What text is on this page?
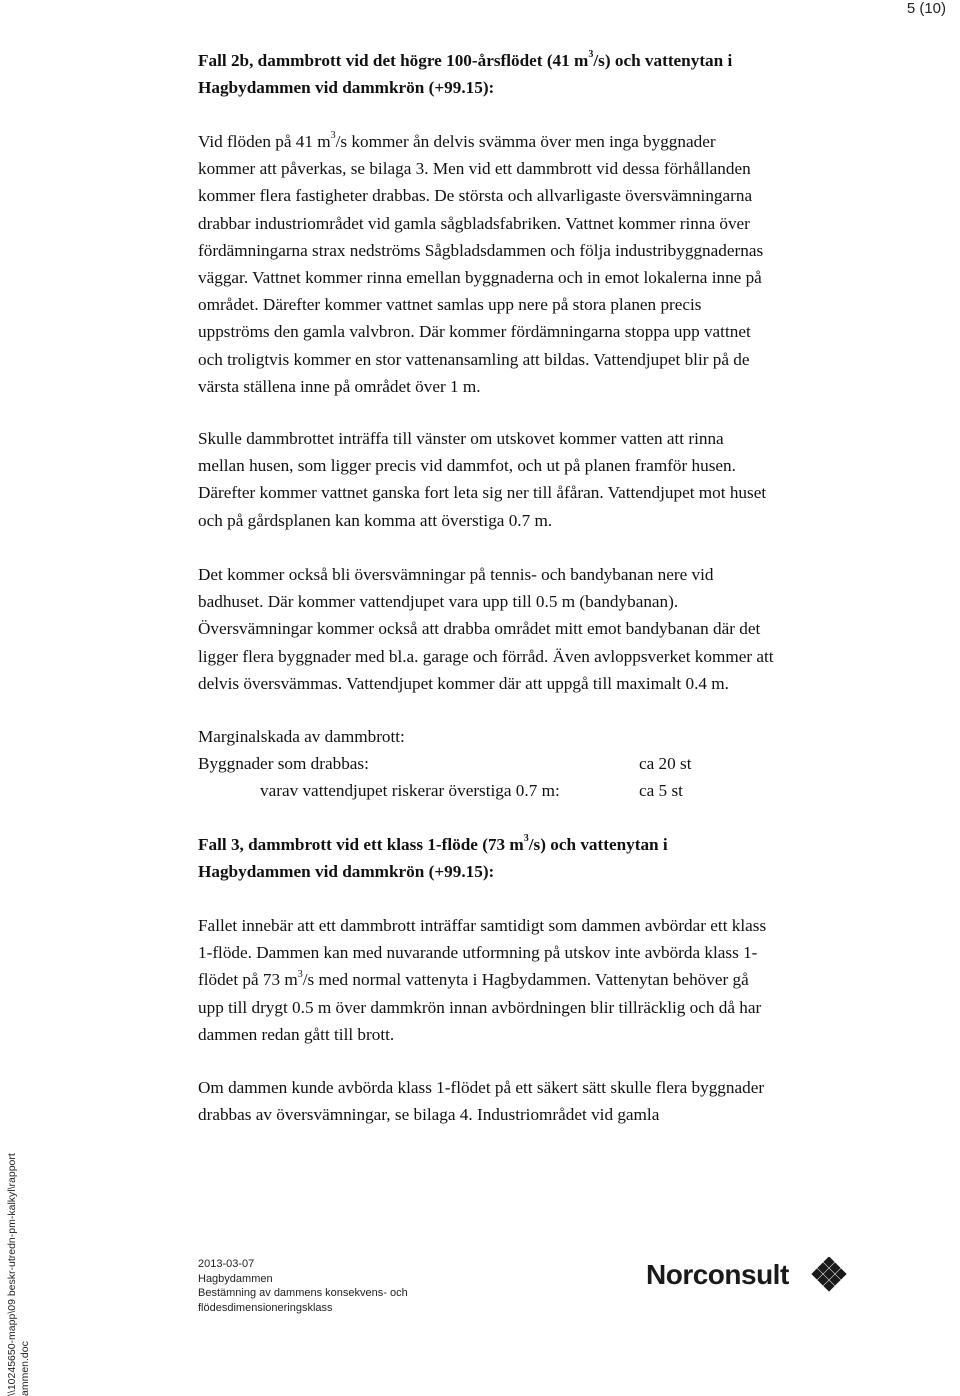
5 (10)

Fall 2b, dammbrott vid det högre 100-årsflödet (41 $m^3/s$) och vattenytan i

Hagbydammen vid dammkrön (+99.15):

Vid flöden på 41 $m^3/s$ kommer ån delvis svämma över men inga byggnader

kommer att påverkas, se bilaga 3. Men vid ett dammbrott vid dessa förhållanden

kommer flera fastigheter drabbas. De största och allvarligaste översvämningarna

drabbar industriområdet vid gamla sågbladsfabriken. Vattnet kommer rinna över

fördämningarna strax nedströms Sågbladsdammen och följa industribyggnadernas

väggar. Vattnet kommer rinna emellan byggnaderna och in emot lokalerna inne på

området. Därefter kommer vattnet samlas upp nere på stora planen precis

uppströms den gamla valvbron. Där kommer fördämningarna stoppa upp vattnet

och troligtvis kommer en stor vattenansamling att bildas. Vattendjupet blir på de

värsta ställena inne på området över 1 m.

Skulle dammbrottet inträffa till vänster om utskovet kommer vatten att rinna

mellan husen, som ligger precis vid dammfot, och ut på planen framför husen.

Därefter kommer vattnet ganska fort leta sig ner till åfåran. Vattendjupet mot huset

och på gårdsplanen kan komma att överstiga 0.7 m.

Det kommer också bli översvämningar på tennis- och bandybanan nere vid

badhuset. Där kommer vattendjupet vara upp till 0.5 m (bandybanan).

Översvämningar kommer också att drabba området mitt emot bandybanan där det

ligger flera byggnader med bl.a. garage och förråd. Även avloppsverket kommer att

delvis översvämmas. Vattendjupet kommer där att uppgå till maximalt 0.4 m.

Marginalskada av dammbrott:

Byggnader som drabbas:	ca 20 st
varav vattendjupet riskerar överstiga 0.7 m:	ca 5 st

Fall 3, dammbrott vid ett klass 1-flöde (73 $m^3/s$) och vattenytan i

Hagbydammen vid dammkrön (+99.15):

Fallet innebär att ett dammbrott inträffar samtidigt som dammen avbördar ett klass

1-flöde. Dammen kan med nuvarande utformning på utskov inte avbörda klass 1-

flödet på 73 $m^3/s$ med normal vattenyta i Hagbydammen. Vattenytan behöver gå

upp till drygt 0.5 m över dammkrön innan avbördningen blir tillräcklig och då har

dammen redan gått till brott.

Om dammen kunde avbörda klass 1-flödet på ett säkert sätt skulle flera byggnader

drabbas av översvämningar, se bilaga 4. Industriområdet vid gamla

2013-03-07
Hagbydammen
Bestämning av dammens konsekvens- och
flödesdimensioneringsklass
Norconsult
\\10245650-mapp\09 beskr-utredn-pm-kalkyl\rapport ammen.doc
